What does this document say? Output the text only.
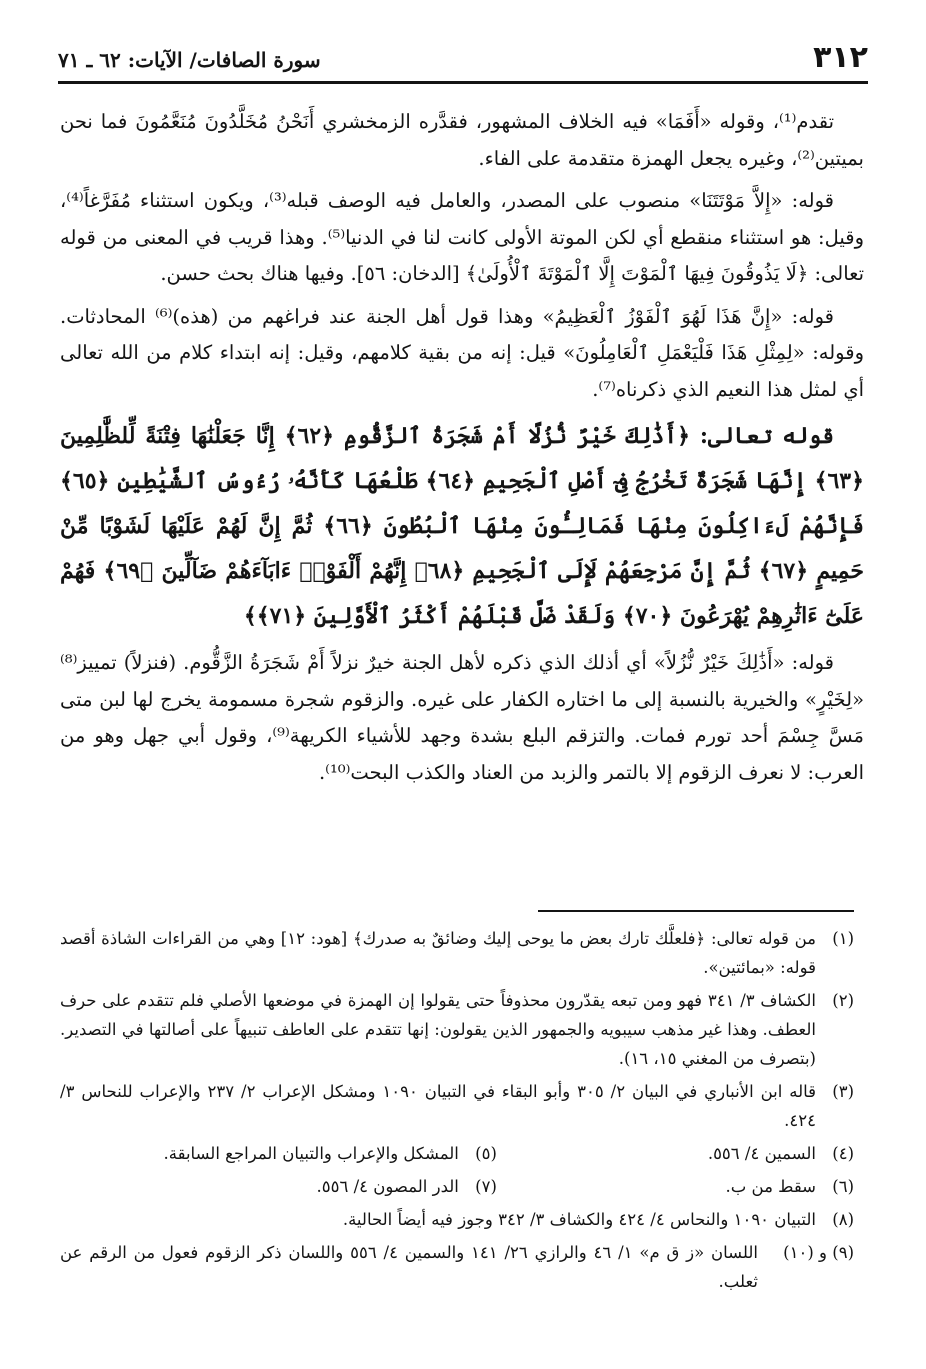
٣١٢
سورة الصافات/ الآيات: ٦٢ ـ ٧١

تقدم⁽¹⁾، وقوله «أَفَمَا» فيه الخلاف المشهور، فقدَّره الزمخشري أَنَحْنُ مُخَلَّدُونَ مُنَعَّمُونَ فما نحن بميتين⁽²⁾، وغيره يجعل الهمزة متقدمة على الفاء.

قوله: «إِلاَّ مَوْتَتَنَا» منصوب على المصدر، والعامل فيه الوصف قبله⁽³⁾، ويكون استثناء مُفَرَّغاً⁽⁴⁾، وقيل: هو استثناء منقطع أي لكن الموتة الأولى كانت لنا في الدنيا⁽⁵⁾. وهذا قريب في المعنى من قوله تعالى: ﴿لَا يَذُوقُونَ فِيهَا ٱلْمَوْتَ إِلَّا ٱلْمَوْتَةَ ٱلْأُولَىٰ﴾ [الدخان: ٥٦]. وفيها هناك بحث حسن.

قوله: «إِنَّ هَذَا لَهُوَ ٱلْفَوْزُ ٱلْعَظِيمُ» وهذا قول أهل الجنة عند فراغهم من (هذه)⁽⁶⁾ المحادثات. وقوله: «لِمِثْلِ هَذَا فَلْيَعْمَلِ ٱلْعَامِلُونَ» قيل: إنه من بقية كلامهم، وقيل: إنه ابتداء كلام من الله تعالى أي لمثل هذا النعيم الذي ذكرناه⁽⁷⁾.

قوله تعالى: ﴿أَذَٰلِكَ خَيْرٌ نُّزُلًا أَمْ شَجَرَةُ ٱلزَّقُّومِ ﴿٦٢﴾ إِنَّا جَعَلْنَٰهَا فِتْنَةً لِّلظَّٰلِمِينَ ﴿٦٣﴾ إِنَّهَا شَجَرَةٌ تَخْرُجُ فِىٓ أَصْلِ ٱلْجَحِيمِ ﴿٦٤﴾ طَلْعُهَا كَأَنَّهُۥ رُءُوسُ ٱلشَّيَٰطِينِ ﴿٦٥﴾ فَإِنَّهُمْ لَءَاكِلُونَ مِنْهَا فَمَالِـُٔونَ مِنْهَا ٱلْبُطُونَ ﴿٦٦﴾ ثُمَّ إِنَّ لَهُمْ عَلَيْهَا لَشَوْبًا مِّنْ حَمِيمٍ ﴿٦٧﴾ ثُمَّ إِنَّ مَرْجِعَهُمْ لَإِلَى ٱلْجَحِيمِ ﴿٦٨﴾ إِنَّهُمْ أَلْفَوْا۟ ءَابَآءَهُمْ ضَآلِّينَ ﴿٦٩﴾ فَهُمْ عَلَىٰٓ ءَاثَٰرِهِمْ يُهْرَعُونَ ﴿٧٠﴾ وَلَقَدْ ضَلَّ قَبْلَهُمْ أَكْثَرُ ٱلْأَوَّلِينَ ﴿٧١﴾﴾

قوله: «أَذَٰلِكَ خَيْرٌ نُّزُلاً» أي أذلك الذي ذكره لأهل الجنة خيرٌ نزلاً أَمْ شَجَرَةُ الزَّقُّوم. (فنزلاً) تمييز⁽⁸⁾ «لِخَيْرٍ» والخيرية بالنسبة إلى ما اختاره الكفار على غيره. والزقوم شجرة مسمومة يخرج لها لبن متى مَسَّ جِسْمَ أحد تورم فمات. والتزقم البلع بشدة وجهد للأشياء الكريهة⁽⁹⁾، وقول أبي جهل وهو من العرب: لا نعرف الزقوم إلا بالتمر والزبد من العناد والكذب البحت⁽¹⁰⁾.

(١)
من قوله تعالى: ﴿فلعلَّك تارك بعض ما يوحى إليك وضائقٌ به صدرك﴾ [هود: ١٢] وهي من القراءات الشاذة أقصد قوله: «بمائتين».
(٢)
الكشاف ٣/ ٣٤١ فهو ومن تبعه يقدّرون محذوفاً حتى يقولوا إن الهمزة في موضعها الأصلي فلم تتقدم على حرف العطف. وهذا غير مذهب سيبويه والجمهور الذين يقولون: إنها تتقدم على العاطف تنبيهاً على أصالتها في التصدير. (بتصرف من المغني ١٥، ١٦).
(٣)
قاله ابن الأنباري في البيان ٢/ ٣٠٥ وأبو البقاء في التبيان ١٠٩٠ ومشكل الإعراب ٢/ ٢٣٧ والإعراب للنحاس ٣/ ٤٢٤.
(٤)
السمين ٤/ ٥٥٦.
(٥)
المشكل والإعراب والتبيان المراجع السابقة.
(٦)
سقط من ب.
(٧)
الدر المصون ٤/ ٥٥٦.
(٨)
التبيان ١٠٩٠ والنحاس ٤/ ٤٢٤ والكشاف ٣/ ٣٤٢ وجوز فيه أيضاً الحالية.
(٩) و (١٠)
اللسان «ز ق م» ١/ ٤٦ والرازي ٢٦/ ١٤١ والسمين ٤/ ٥٥٦ واللسان ذكر الزقوم فعول من الرقم عن ثعلب.
